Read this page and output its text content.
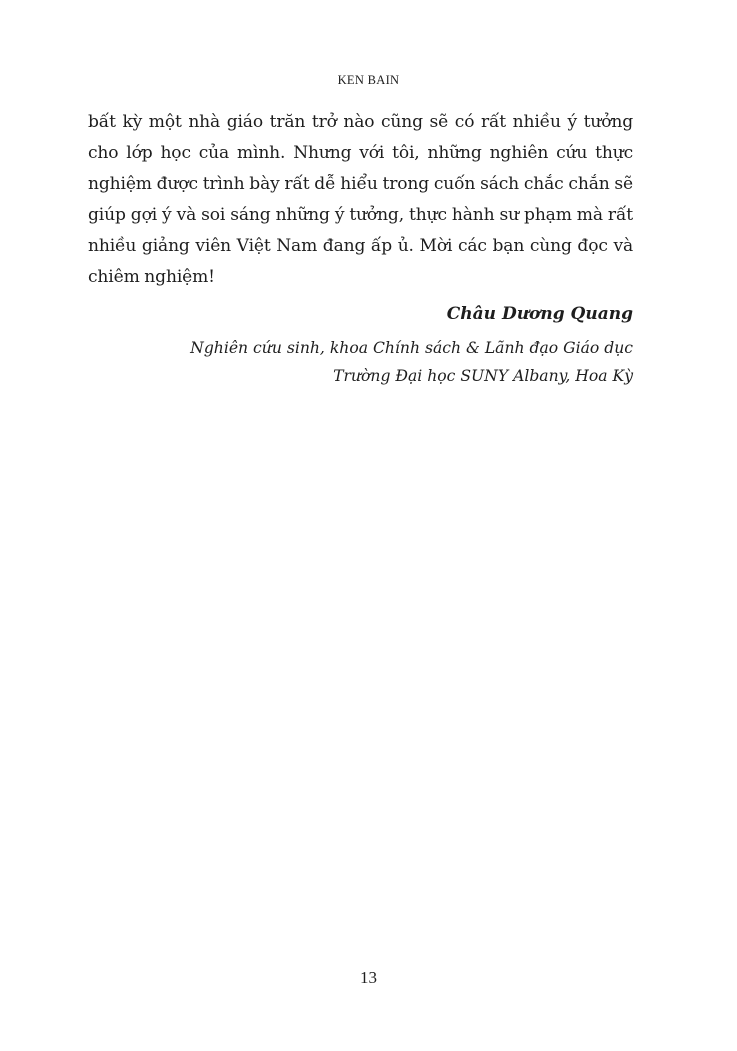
KEN BAIN

bất kỳ một nhà giáo trăn trở nào cũng sẽ có rất nhiều ý tưởng cho lớp học của mình. Nhưng với tôi, những nghiên cứu thực nghiệm được trình bày rất dễ hiểu trong cuốn sách chắc chắn sẽ giúp gợi ý và soi sáng những ý tưởng, thực hành sư phạm mà rất nhiều giảng viên Việt Nam đang ấp ủ. Mời các bạn cùng đọc và chiêm nghiệm!

Châu Dương Quang
Nghiên cứu sinh, khoa Chính sách & Lãnh đạo Giáo dục
Trường Đại học SUNY Albany, Hoa Kỳ
13
